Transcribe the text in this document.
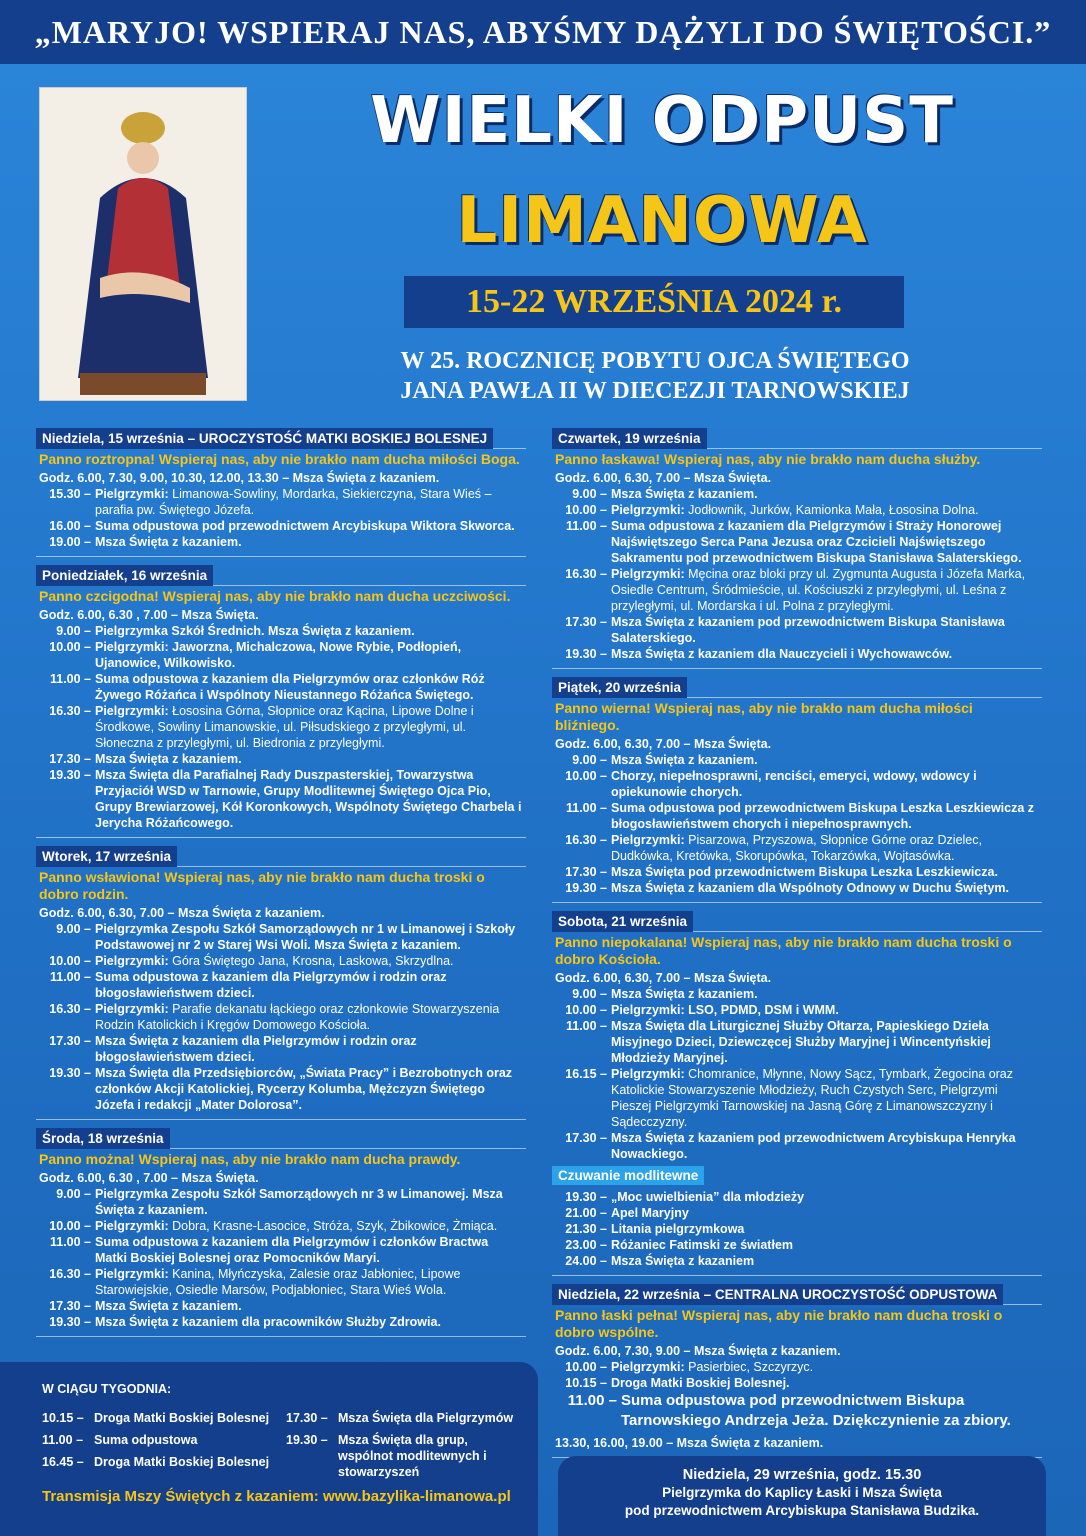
„MARYJO! WSPIERAJ NAS, ABYŚMY DĄŻYLI DO ŚWIĘTOŚCI.”
WIELKI ODPUST
LIMANOWA
15-22 WRZEŚNIA 2024 r.
W 25. ROCZNICĘ POBYTU OJCA ŚWIĘTEGO
JANA PAWŁA II W DIECEZJI TARNOWSKIEJ
Niedziela, 15 września – UROCZYSTOŚĆ MATKI BOSKIEJ BOLESNEJ
Panno roztropna! Wspieraj nas, aby nie brakło nam ducha miłości Boga.
Godz. 6.00, 7.30, 9.00, 10.30, 12.00, 13.30 – Msza Święta z kazaniem.
15.30 – Pielgrzymki: Limanowa-Sowliny, Mordarka, Siekierczyna, Stara Wieś – parafia pw. Świętego Józefa.
16.00 – Suma odpustowa pod przewodnictwem Arcybiskupa Wiktora Skworca.
19.00 – Msza Święta z kazaniem.
Poniedziałek, 16 września
Panno czcigodna! Wspieraj nas, aby nie brakło nam ducha uczciwości.
Godz. 6.00, 6.30 , 7.00 – Msza Święta.
9.00 – Pielgrzymka Szkół Średnich. Msza Święta z kazaniem.
10.00 – Pielgrzymki: Jaworzna, Michalczowa, Nowe Rybie, Podłopień, Ujanowice, Wilkowisko.
11.00 – Suma odpustowa z kazaniem dla Pielgrzymów oraz członków Róż Żywego Różańca i Wspólnoty Nieustannego Różańca Świętego.
16.30 – Pielgrzymki: Łososina Górna, Słopnice oraz Kącina, Lipowe Dolne i Środkowe, Sowliny Limanowskie, ul. Piłsudskiego z przyległymi, ul. Słoneczna z przyległymi, ul. Biedronia z przyległymi.
17.30 – Msza Święta z kazaniem.
19.30 – Msza Święta dla Parafialnej Rady Duszpasterskiej, Towarzystwa Przyjaciół WSD w Tarnowie, Grupy Modlitewnej Świętego Ojca Pio, Grupy Brewiarzowej, Kół Koronkowych, Wspólnoty Świętego Charbela i Jerycha Różańcowego.
Wtorek, 17 września
Panno wsławiona! Wspieraj nas, aby nie brakło nam ducha troski o dobro rodzin.
Godz. 6.00, 6.30, 7.00 – Msza Święta z kazaniem.
9.00 – Pielgrzymka Zespołu Szkół Samorządowych nr 1 w Limanowej i Szkoły Podstawowej nr 2 w Starej Wsi Woli. Msza Święta z kazaniem.
10.00 – Pielgrzymki: Góra Świętego Jana, Krosna, Laskowa, Skrzydlna.
11.00 – Suma odpustowa z kazaniem dla Pielgrzymów i rodzin oraz błogosławieństwem dzieci.
16.30 – Pielgrzymki: Parafie dekanatu łąckiego oraz członkowie Stowarzyszenia Rodzin Katolickich i Kręgów Domowego Kościoła.
17.30 – Msza Święta z kazaniem dla Pielgrzymów i rodzin oraz błogosławieństwem dzieci.
19.30 – Msza Święta dla Przedsiębiorców, „Świata Pracy” i Bezrobotnych oraz członków Akcji Katolickiej, Rycerzy Kolumba, Mężczyzn Świętego Józefa i redakcji „Mater Dolorosa”.
Środa, 18 września
Panno można! Wspieraj nas, aby nie brakło nam ducha prawdy.
Godz. 6.00, 6.30 , 7.00 – Msza Święta.
9.00 – Pielgrzymka Zespołu Szkół Samorządowych nr 3 w Limanowej. Msza Święta z kazaniem.
10.00 – Pielgrzymki: Dobra, Krasne-Lasocice, Stróża, Szyk, Żbikowice, Żmiąca.
11.00 – Suma odpustowa z kazaniem dla Pielgrzymów i członków Bractwa Matki Boskiej Bolesnej oraz Pomocników Maryi.
16.30 – Pielgrzymki: Kanina, Młyńczyska, Zalesie oraz Jabłoniec, Lipowe Starowiejskie, Osiedle Marsów, Podjabłoniec, Stara Wieś Wola.
17.30 – Msza Święta z kazaniem.
19.30 – Msza Święta z kazaniem dla pracowników Służby Zdrowia.
Czwartek, 19 września
Panno łaskawa! Wspieraj nas, aby nie brakło nam ducha służby.
Godz. 6.00, 6.30, 7.00 – Msza Święta.
9.00 – Msza Święta z kazaniem.
10.00 – Pielgrzymki: Jodłownik, Jurków, Kamionka Mała, Łososina Dolna.
11.00 – Suma odpustowa z kazaniem dla Pielgrzymów i Straży Honorowej Najświętszego Serca Pana Jezusa oraz Czcicieli Najświętszego Sakramentu pod przewodnictwem Biskupa Stanisława Salaterskiego.
16.30 – Pielgrzymki: Męcina oraz bloki przy ul. Zygmunta Augusta i Józefa Marka, Osiedle Centrum, Śródmieście, ul. Kościuszki z przyległymi, ul. Leśna z przyległymi, ul. Mordarska i ul. Polna z przyległymi.
17.30 – Msza Święta z kazaniem pod przewodnictwem Biskupa Stanisława Salaterskiego.
19.30 – Msza Święta z kazaniem dla Nauczycieli i Wychowawców.
Piątek, 20 września
Panno wierna! Wspieraj nas, aby nie brakło nam ducha miłości bliźniego.
Godz. 6.00, 6.30, 7.00 – Msza Święta.
9.00 – Msza Święta z kazaniem.
10.00 – Chorzy, niepełnosprawni, renciści, emeryci, wdowy, wdowcy i opiekunowie chorych.
11.00 – Suma odpustowa pod przewodnictwem Biskupa Leszka Leszkiewicza z błogosławieństwem chorych i niepełnosprawnych.
16.30 – Pielgrzymki: Pisarzowa, Przyszowa, Słopnice Górne oraz Dzielec, Dudkówka, Kretówka, Skorupówka, Tokarzówka, Wojtasówka.
17.30 – Msza Święta pod przewodnictwem Biskupa Leszka Leszkiewicza.
19.30 – Msza Święta z kazaniem dla Wspólnoty Odnowy w Duchu Świętym.
Sobota, 21 września
Panno niepokalana! Wspieraj nas, aby nie brakło nam ducha troski o dobro Kościoła.
Godz. 6.00, 6.30, 7.00 – Msza Święta.
9.00 – Msza Święta z kazaniem.
10.00 – Pielgrzymki: LSO, PDMD, DSM i WMM.
11.00 – Msza Święta dla Liturgicznej Służby Ołtarza, Papieskiego Dzieła Misyjnego Dzieci, Dziewczęcej Służby Maryjnej i Wincentyńskiej Młodzieży Maryjnej.
16.15 – Pielgrzymki: Chomranice, Młynne, Nowy Sącz, Tymbark, Żegocina oraz Katolickie Stowarzyszenie Młodzieży, Ruch Czystych Serc, Pielgrzymi Pieszej Pielgrzymki Tarnowskiej na Jasną Górę z Limanowszczyzny i Sądecczyzny.
17.30 – Msza Święta z kazaniem pod przewodnictwem Arcybiskupa Henryka Nowackiego.
Czuwanie modlitewne
19.30 – „Moc uwielbienia” dla młodzieży
21.00 – Apel Maryjny
21.30 – Litania pielgrzymkowa
23.00 – Różaniec Fatimski ze światłem
24.00 – Msza Święta z kazaniem
Niedziela, 22 września – CENTRALNA UROCZYSTOŚĆ ODPUSTOWA
Panno łaski pełna! Wspieraj nas, aby nie brakło nam ducha troski o dobro wspólne.
Godz. 6.00, 7.30, 9.00 – Msza Święta z kazaniem.
10.00 – Pielgrzymki: Pasierbiec, Szczyrzyc.
10.15 – Droga Matki Boskiej Bolesnej.
11.00 – Suma odpustowa pod przewodnictwem Biskupa Tarnowskiego Andrzeja Jeża. Dziękczynienie za zbiory.
13.30, 16.00, 19.00 – Msza Święta z kazaniem.
W CIĄGU TYGODNIA:
10.15 – Droga Matki Boskiej Bolesnej
11.00 – Suma odpustowa
16.45 – Droga Matki Boskiej Bolesnej
17.30 – Msza Święta dla Pielgrzymów
19.30 – Msza Święta dla grup, wspólnot modlitewnych i stowarzyszeń
Transmisja Mszy Świętych z kazaniem: www.bazylika-limanowa.pl
Niedziela, 29 września, godz. 15.30
Pielgrzymka do Kaplicy Łaski i Msza Święta
pod przewodnictwem Arcybiskupa Stanisława Budzika.
